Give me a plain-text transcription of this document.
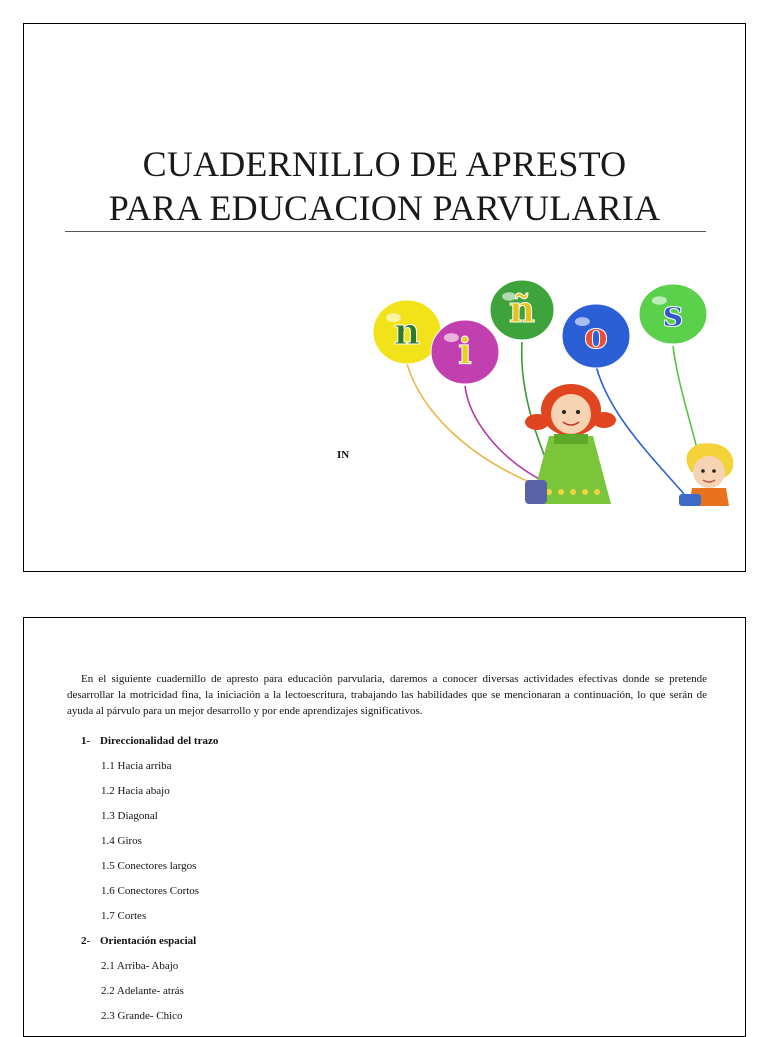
CUADERNILLO DE APRESTO
PARA EDUCACION PARVULARIA
n i
ñ
o
s
IN

En el siguiente cuadernillo de apresto para educación parvularia, daremos a conocer diversas actividades efectivas donde se pretende desarrollar la motricidad fina, la iniciación a la lectoescritura, trabajando las habilidades que se mencionaran a continuación, lo que serán de ayuda al párvulo para un mejor desarrollo y por ende aprendizajes significativos.

1- Direccionalidad del trazo
1.1 Hacia arriba
1.2 Hacia abajo
1.3 Diagonal
1.4 Giros
1.5 Conectores largos
1.6 Conectores Cortos
1.7 Cortes
2- Orientación espacial
2.1 Arriba- Abajo
2.2 Adelante- atrás
2.3 Grande- Chico
